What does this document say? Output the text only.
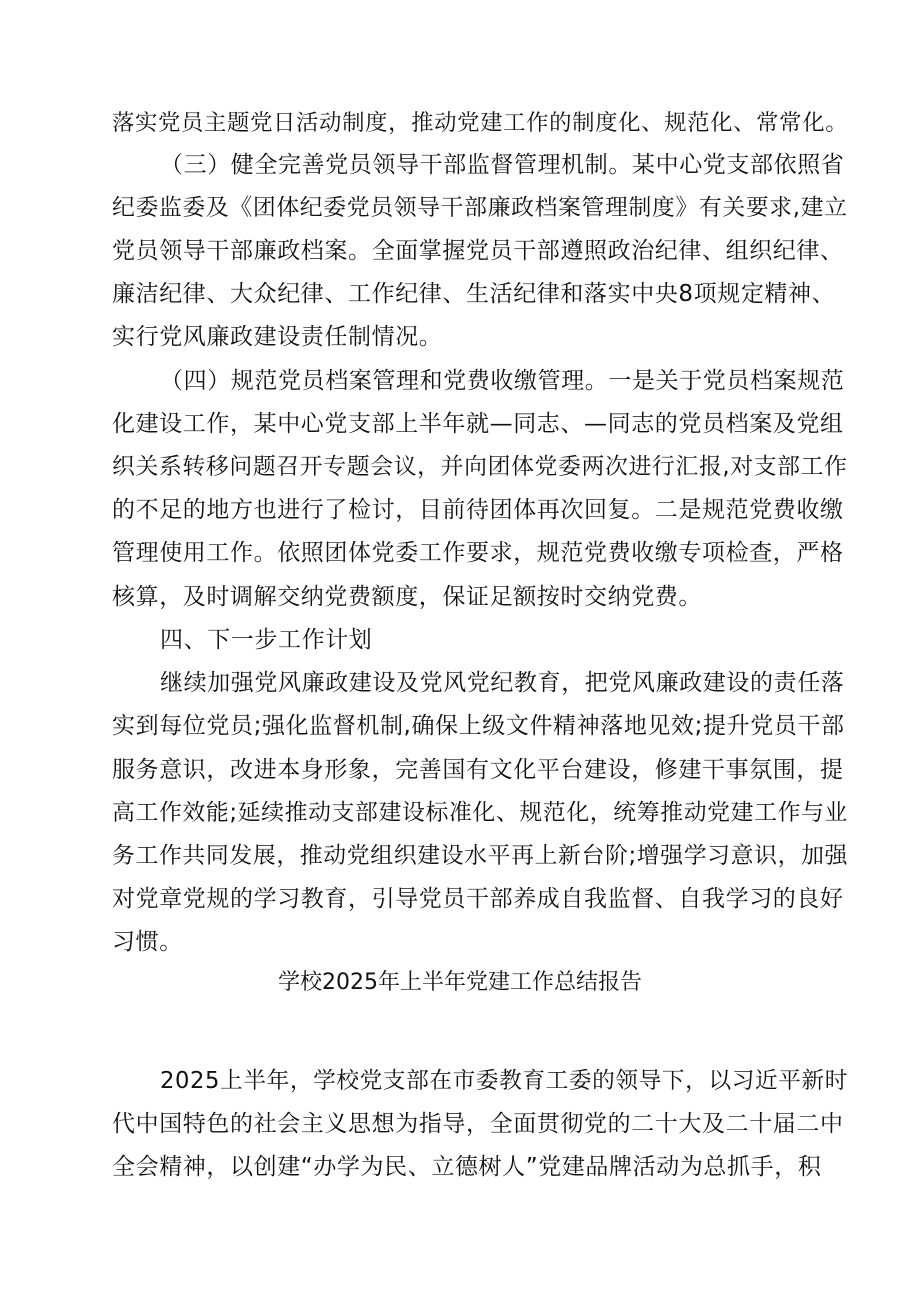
落实党员主题党日活动制度，推动党建工作的制度化、规范化、常常化。
（三）健全完善党员领导干部监督管理机制。某中心党支部依照省
纪委监委及《团体纪委党员领导干部廉政档案管理制度》有关要求,建立
党员领导干部廉政档案。全面掌握党员干部遵照政治纪律、组织纪律、
廉洁纪律、大众纪律、工作纪律、生活纪律和落实中央8项规定精神、
实行党风廉政建设责任制情况。
（四）规范党员档案管理和党费收缴管理。一是关于党员档案规范
化建设工作，某中心党支部上半年就—同志、—同志的党员档案及党组
织关系转移问题召开专题会议，并向团体党委两次进行汇报,对支部工作
的不足的地方也进行了检讨，目前待团体再次回复。二是规范党费收缴
管理使用工作。依照团体党委工作要求，规范党费收缴专项检查，严格
核算，及时调解交纳党费额度，保证足额按时交纳党费。
四、下一步工作计划
继续加强党风廉政建设及党风党纪教育，把党风廉政建设的责任落
实到每位党员;强化监督机制,确保上级文件精神落地见效;提升党员干部
服务意识，改进本身形象，完善国有文化平台建设，修建干事氛围，提
高工作效能;延续推动支部建设标准化、规范化，统筹推动党建工作与业
务工作共同发展，推动党组织建设水平再上新台阶;增强学习意识，加强
对党章党规的学习教育，引导党员干部养成自我监督、自我学习的良好
习惯。
学校2025年上半年党建工作总结报告
2025上半年，学校党支部在市委教育工委的领导下，以习近平新时
代中国特色的社会主义思想为指导，全面贯彻党的二十大及二十届二中
全会精神，以创建“办学为民、立德树人”党建品牌活动为总抓手，积
